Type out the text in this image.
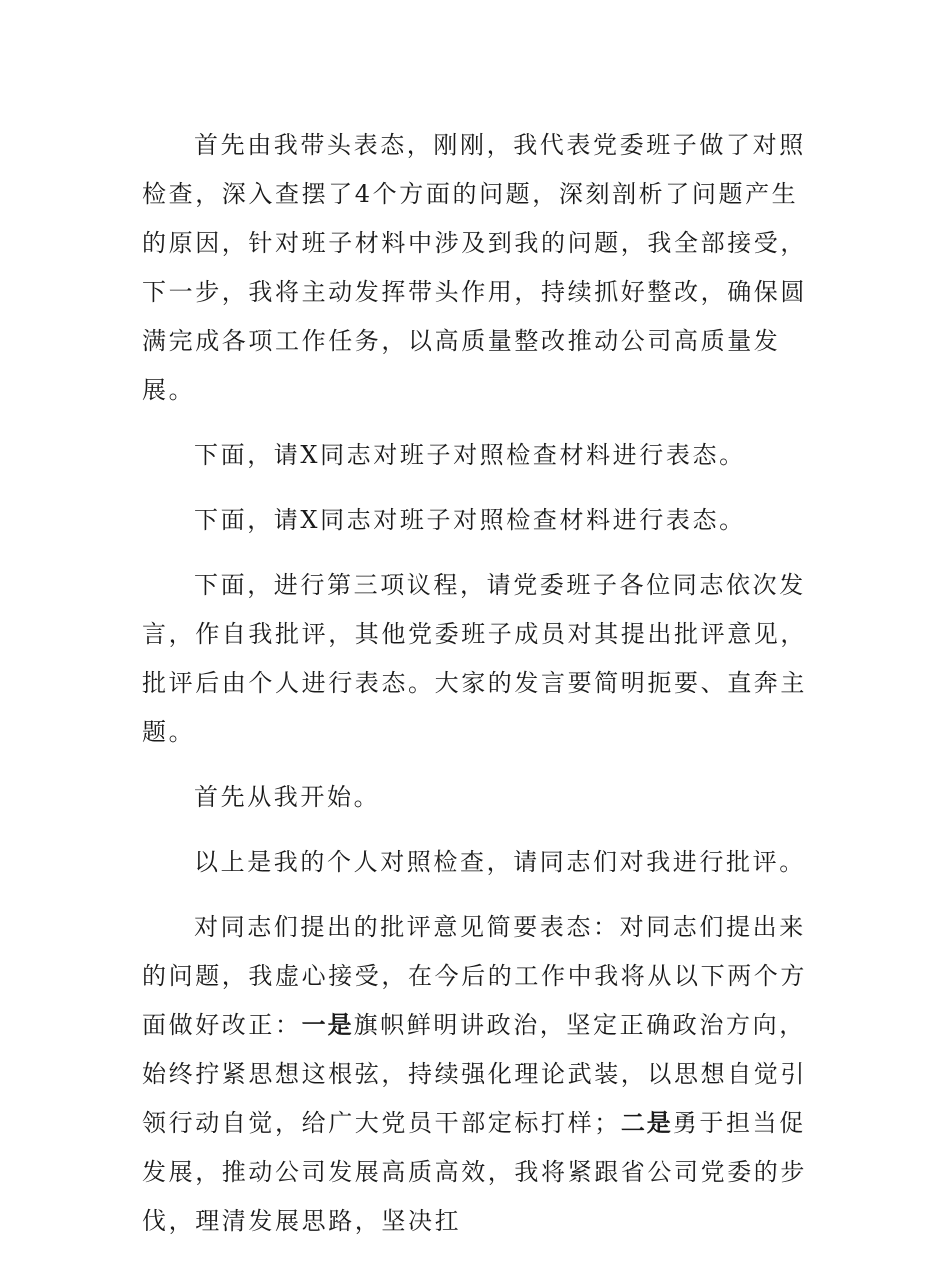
首先由我带头表态，刚刚，我代表党委班子做了对照检查，深入查摆了4个方面的问题，深刻剖析了问题产生的原因，针对班子材料中涉及到我的问题，我全部接受，下一步，我将主动发挥带头作用，持续抓好整改，确保圆满完成各项工作任务，以高质量整改推动公司高质量发展。

下面，请X同志对班子对照检查材料进行表态。

下面，请X同志对班子对照检查材料进行表态。

下面，进行第三项议程，请党委班子各位同志依次发言，作自我批评，其他党委班子成员对其提出批评意见，批评后由个人进行表态。大家的发言要简明扼要、直奔主题。

首先从我开始。

以上是我的个人对照检查，请同志们对我进行批评。

对同志们提出的批评意见简要表态：对同志们提出来的问题，我虚心接受，在今后的工作中我将从以下两个方面做好改正：一是旗帜鲜明讲政治，坚定正确政治方向，始终拧紧思想这根弦，持续强化理论武装，以思想自觉引领行动自觉，给广大党员干部定标打样；二是勇于担当促发展，推动公司发展高质高效，我将紧跟省公司党委的步伐，理清发展思路，坚决扛
